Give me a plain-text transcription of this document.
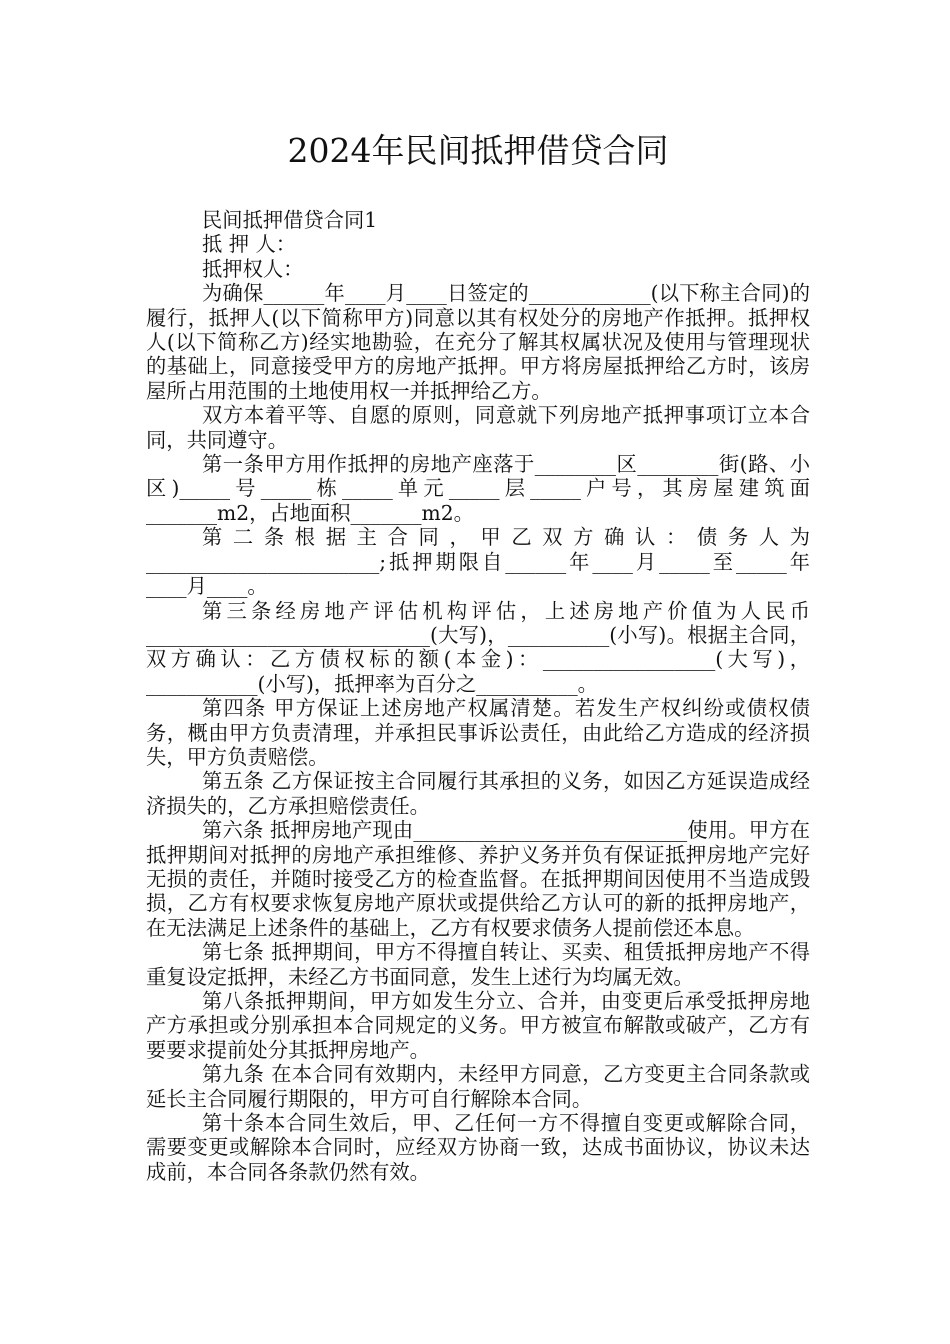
2024年民间抵押借贷合同

民间抵押借贷合同1

抵 押 人：

抵押权人：

为确保______年____月____日签定的____________(以下称主合同)的履行，抵押人(以下简称甲方)同意以其有权处分的房地产作抵押。抵押权人(以下简称乙方)经实地勘验，在充分了解其权属状况及使用与管理现状的基础上，同意接受甲方的房地产抵押。甲方将房屋抵押给乙方时，该房屋所占用范围的土地使用权一并抵押给乙方。

双方本着平等、自愿的原则，同意就下列房地产抵押事项订立本合同，共同遵守。

第一条甲方用作抵押的房地产座落于________区________街(路、小区)_____号_____栋_____单元_____层_____户号，其房屋建筑面_______m2，占地面积_______m2。

第二条根据主合同，甲乙双方确认：债务人为_______________________;抵押期限自______年____月_____至_____年____月____。

第三条经房地产评估机构评估，上述房地产价值为人民币____________________________(大写)，__________(小写)。根据主合同，双方确认：乙方债权标的额(本金)：_________________(大写)，___________(小写)，抵押率为百分之__________。

第四条 甲方保证上述房地产权属清楚。若发生产权纠纷或债权债务，概由甲方负责清理，并承担民事诉讼责任，由此给乙方造成的经济损失，甲方负责赔偿。

第五条 乙方保证按主合同履行其承担的义务，如因乙方延误造成经济损失的，乙方承担赔偿责任。

第六条 抵押房地产现由___________________________使用。甲方在抵押期间对抵押的房地产承担维修、养护义务并负有保证抵押房地产完好无损的责任，并随时接受乙方的检查监督。在抵押期间因使用不当造成毁损，乙方有权要求恢复房地产原状或提供给乙方认可的新的抵押房地产，在无法满足上述条件的基础上，乙方有权要求债务人提前偿还本息。

第七条 抵押期间，甲方不得擅自转让、买卖、租赁抵押房地产不得重复设定抵押，未经乙方书面同意，发生上述行为均属无效。

第八条抵押期间，甲方如发生分立、合并，由变更后承受抵押房地产方承担或分别承担本合同规定的义务。甲方被宣布解散或破产，乙方有要要求提前处分其抵押房地产。

第九条 在本合同有效期内，未经甲方同意，乙方变更主合同条款或延长主合同履行期限的，甲方可自行解除本合同。

第十条本合同生效后，甲、乙任何一方不得擅自变更或解除合同，需要变更或解除本合同时，应经双方协商一致，达成书面协议，协议未达成前，本合同各条款仍然有效。
